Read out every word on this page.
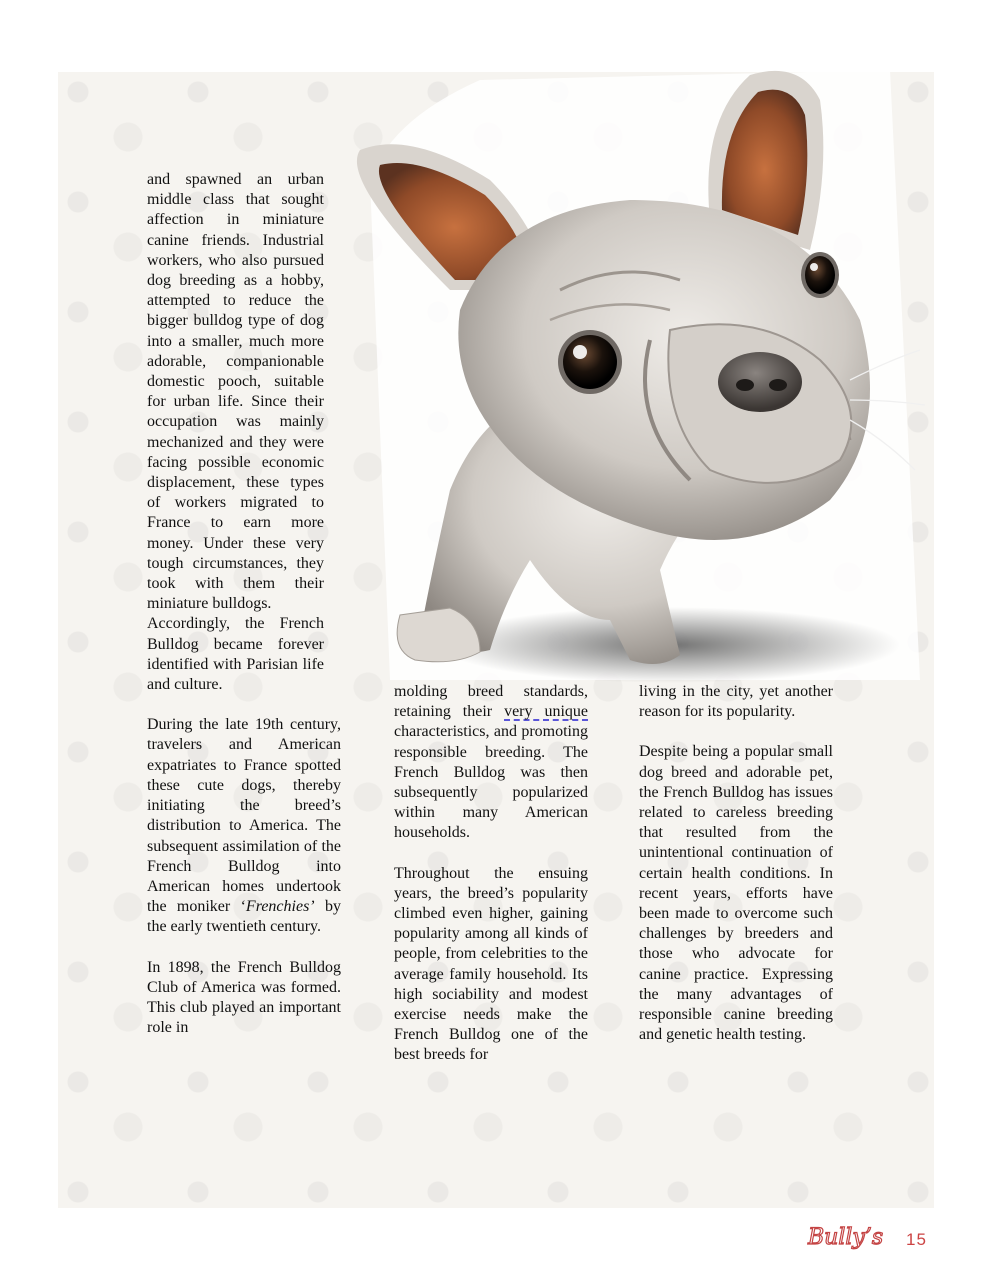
and spawned an urban middle class that sought affection in miniature canine friends. Industrial workers, who also pursued dog breeding as a hobby, attempted to reduce the bigger bulldog type of dog into a smaller, much more adorable, companionable domestic pooch, suitable for urban life. Since their occupation was mainly mechanized and they were facing possible economic displacement, these types of workers migrated to France to earn more money. Under these very tough circumstances, they took with them their miniature bulldogs.

Accordingly, the French Bulldog became forever identified with Parisian life and culture.

During the late 19th century, travelers and American expatriates to France spotted these cute dogs, thereby initiating the breed’s distribution to America. The subsequent assimilation of the French Bulldog into American homes undertook the moniker ‘Frenchies’ by the early twentieth century.

In 1898, the French Bulldog Club of America was formed. This club played an important role in

molding breed standards, retaining their very unique characteristics, and promoting responsible breeding. The French Bulldog was then subsequently popularized within many American households.

Throughout the ensuing years, the breed’s popularity climbed even higher, gaining popularity among all kinds of people, from celebrities to the average family household. Its high sociability and modest exercise needs make the French Bulldog one of the best breeds for

living in the city, yet another reason for its popularity.

Despite being a popular small dog breed and adorable pet, the French Bulldog has issues related to careless breeding that resulted from the unintentional continuation of certain health conditions. In recent years, efforts have been made to overcome such challenges by breeders and those who advocate for canine practice. Expressing the many advantages of responsible canine breeding and genetic health testing.

Bully’s 15
